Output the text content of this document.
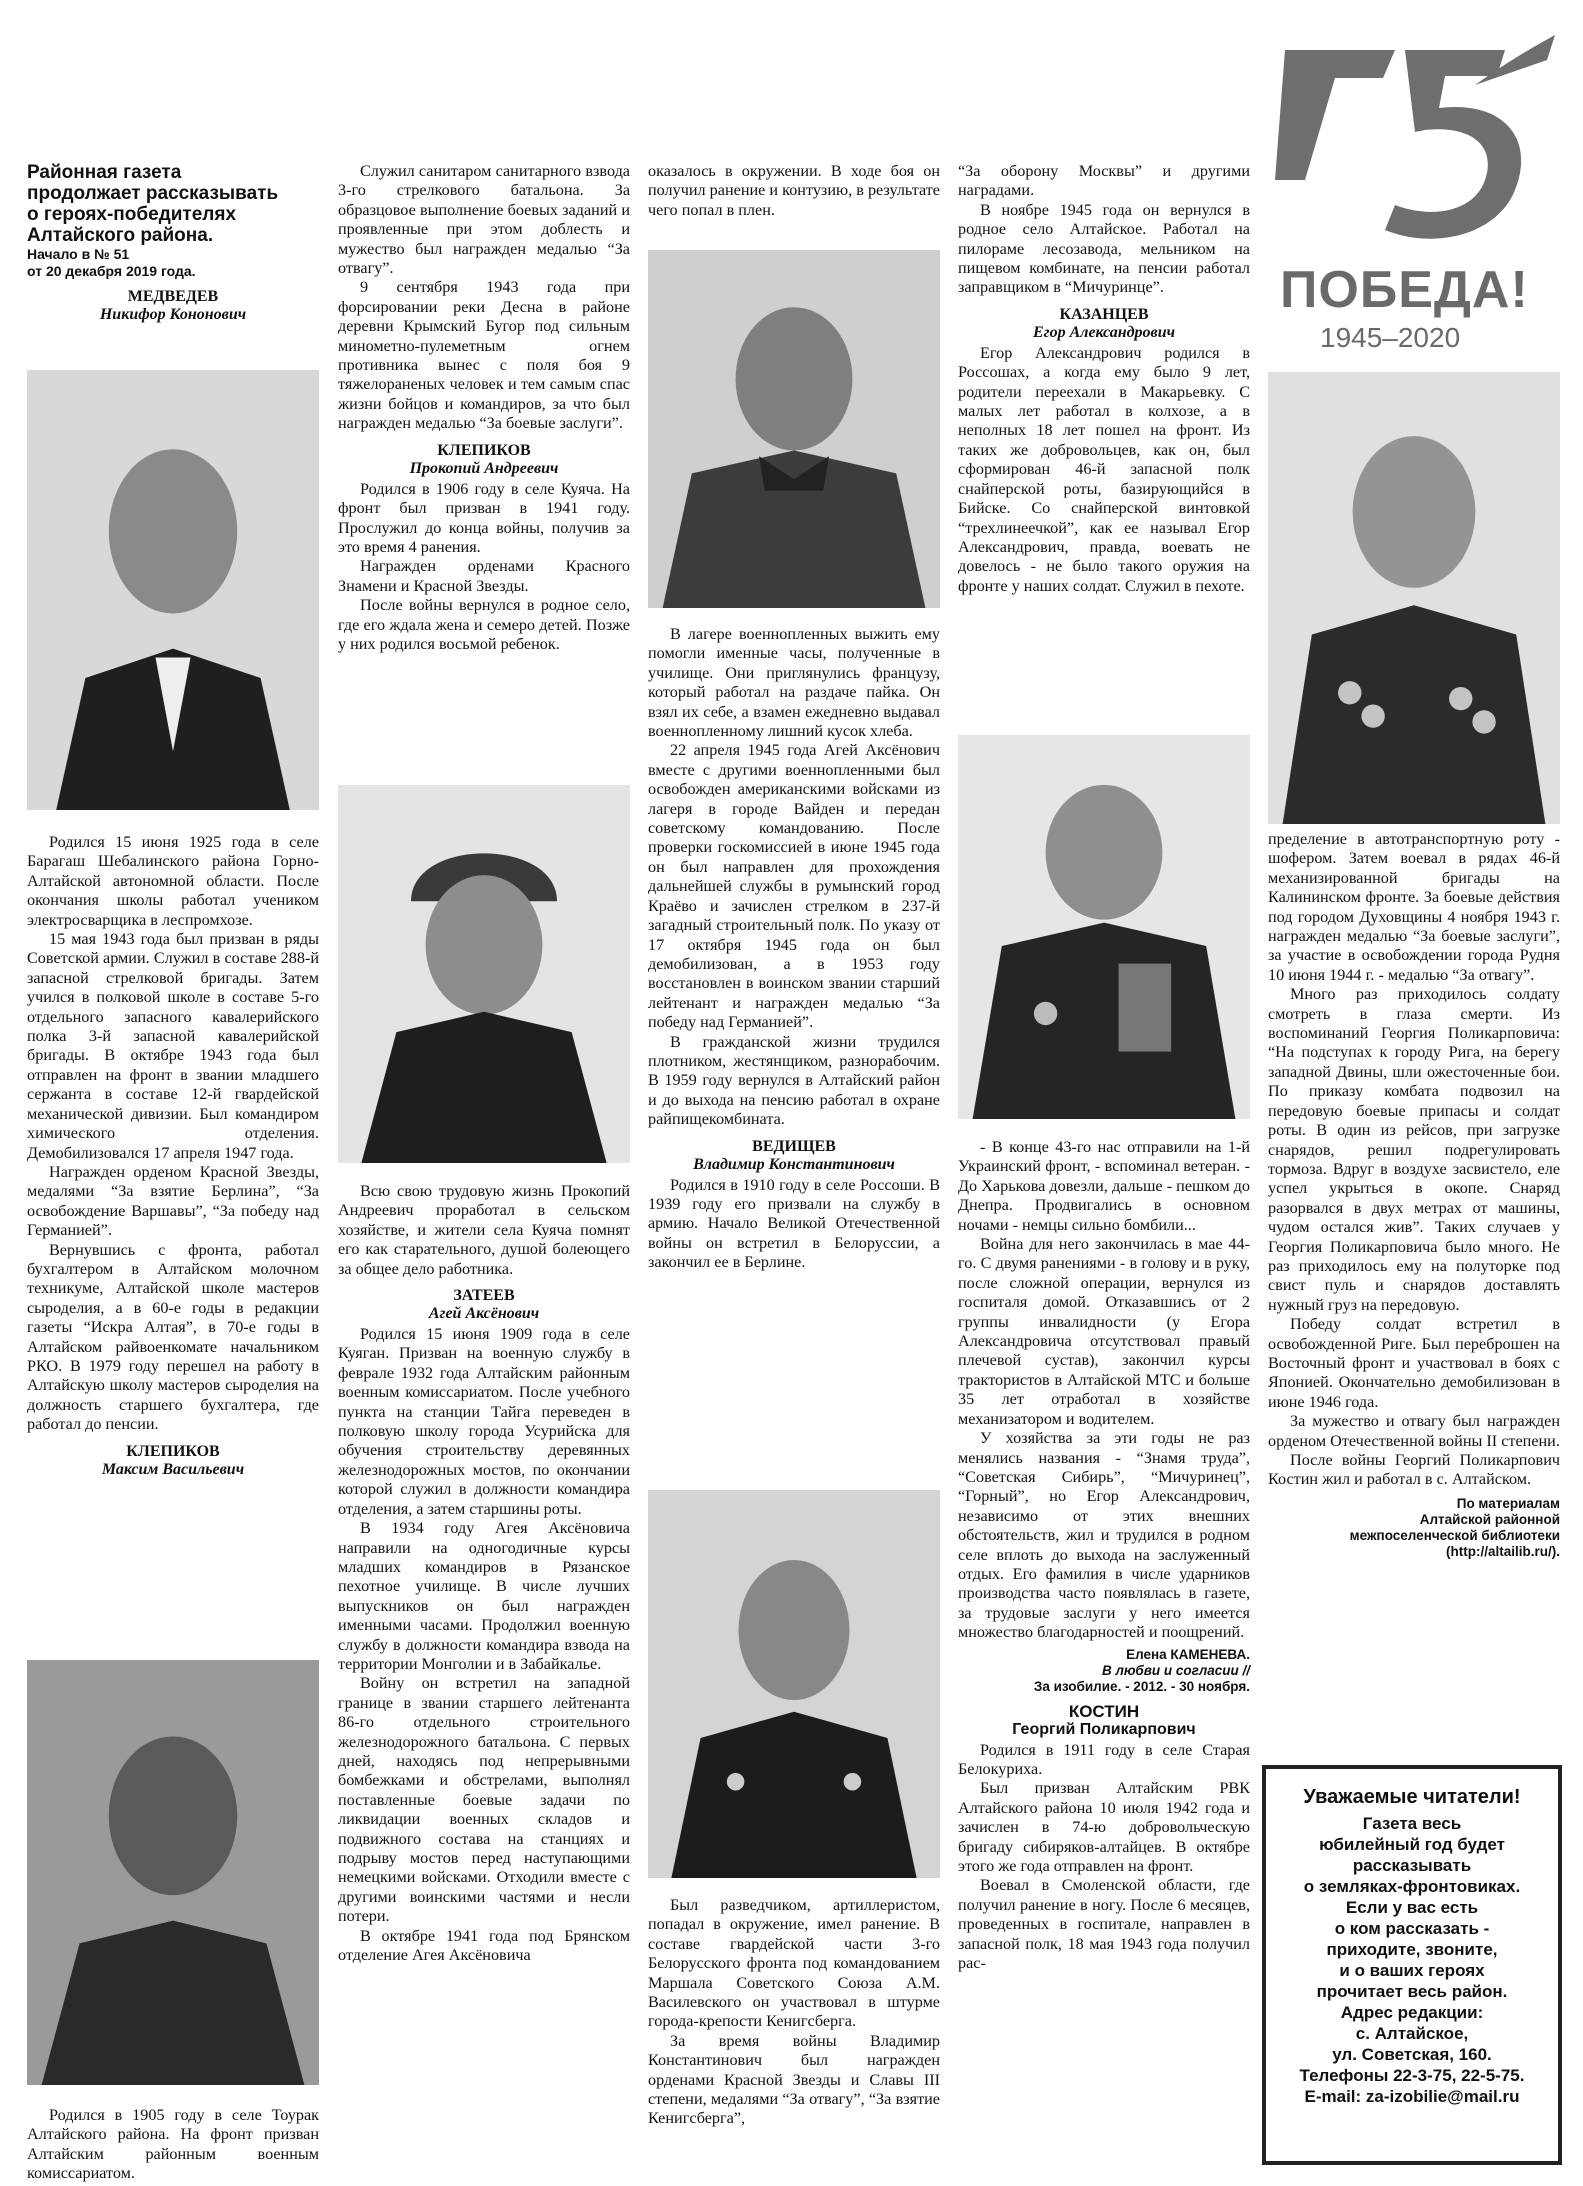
ПОБЕДА!
1945–2020
Районная газета
продолжает рассказывать
о героях-победителях
Алтайского района.
Начало в № 51
от 20 декабря 2019 года.
МЕДВЕДЕВ
Никифор Кононович

Родился 15 июня 1925 года в селе Барагаш Шебалинского района Горно-Алтайской автономной области. После окончания школы работал учеником электросварщика в леспромхозе.

15 мая 1943 года был призван в ряды Советской армии. Служил в составе 288-й запасной стрелковой бригады. Затем учился в полковой школе в составе 5-го отдельного запасного кавалерийского полка 3-й запасной кавалерийской бригады. В октябре 1943 года был отправлен на фронт в звании младшего сержанта в составе 12-й гвардейской механической дивизии. Был командиром химического отделения. Демобилизовался 17 апреля 1947 года.

Награжден орденом Красной Звезды, медалями “За взятие Берлина”, “За освобождение Варшавы”, “За победу над Германией”.

Вернувшись с фронта, работал бухгалтером в Алтайском молочном техникуме, Алтайской школе мастеров сыроделия, а в 60-е годы в редакции газеты “Искра Алтая”, в 70-е годы в Алтайском райвоенкомате начальником РКО. В 1979 году перешел на работу в Алтайскую школу мастеров сыроделия на должность старшего бухгалтера, где работал до пенсии.

КЛЕПИКОВ
Максим Васильевич

Родился в 1905 году в селе Тоурак Алтайского района. На фронт призван Алтайским районным военным комиссариатом.

Служил санитаром санитарного взвода 3-го стрелкового батальона. За образцовое выполнение боевых заданий и проявленные при этом доблесть и мужество был награжден медалью “За отвагу”.

9 сентября 1943 года при форсировании реки Десна в районе деревни Крымский Бугор под сильным минометно-пулеметным огнем противника вынес с поля боя 9 тяжелораненых человек и тем самым спас жизни бойцов и командиров, за что был награжден медалью “За боевые заслуги”.

КЛЕПИКОВ
Прокопий Андреевич

Родился в 1906 году в селе Куяча. На фронт был призван в 1941 году. Прослужил до конца войны, получив за это время 4 ранения.

Награжден орденами Красного Знамени и Красной Звезды.

После войны вернулся в родное село, где его ждала жена и семеро детей. Позже у них родился восьмой ребенок.

Всю свою трудовую жизнь Прокопий Андреевич проработал в сельском хозяйстве, и жители села Куяча помнят его как старательного, душой болеющего за общее дело работника.

ЗАТЕЕВ
Агей Аксёнович

Родился 15 июня 1909 года в селе Куяган. Призван на военную службу в феврале 1932 года Алтайским районным военным комиссариатом. После учебного пункта на станции Тайга переведен в полковую школу города Усурийска для обучения строительству деревянных железнодорожных мостов, по окончании которой служил в должности командира отделения, а затем старшины роты.

В 1934 году Агея Аксёновича направили на одногодичные курсы младших командиров в Рязанское пехотное училище. В числе лучших выпускников он был награжден именными часами. Продолжил военную службу в должности командира взвода на территории Монголии и в Забайкалье.

Войну он встретил на западной границе в звании старшего лейтенанта 86-го отдельного строительного железнодорожного батальона. С первых дней, находясь под непрерывными бомбежками и обстрелами, выполнял поставленные боевые задачи по ликвидации военных складов и подвижного состава на станциях и подрыву мостов перед наступающими немецкими войсками. Отходили вместе с другими воинскими частями и несли потери.

В октябре 1941 года под Брянском отделение Агея Аксёновича

оказалось в окружении. В ходе боя он получил ранение и контузию, в результате чего попал в плен.

В лагере военнопленных выжить ему помогли именные часы, полученные в училище. Они приглянулись французу, который работал на раздаче пайка. Он взял их себе, а взамен ежедневно выдавал военнопленному лишний кусок хлеба.

22 апреля 1945 года Агей Аксёнович вместе с другими военнопленными был освобожден американскими войсками из лагеря в городе Вайден и передан советскому командованию. После проверки госкомиссией в июне 1945 года он был направлен для прохождения дальнейшей службы в румынский город Краёво и зачислен стрелком в 237-й загадный строительный полк. По указу от 17 октября 1945 года он был демобилизован, а в 1953 году восстановлен в воинском звании старший лейтенант и награжден медалью “За победу над Германией”.

В гражданской жизни трудился плотником, жестянщиком, разнорабочим. В 1959 году вернулся в Алтайский район и до выхода на пенсию работал в охране райпищекомбината.

ВЕДИЩЕВ
Владимир Константинович

Родился в 1910 году в селе Россоши. В 1939 году его призвали на службу в армию. Начало Великой Отечественной войны он встретил в Белоруссии, а закончил ее в Берлине.

Был разведчиком, артиллеристом, попадал в окружение, имел ранение. В составе гвардейской части 3-го Белорусского фронта под командованием Маршала Советского Союза А.М. Василевского он участвовал в штурме города-крепости Кенигсберга.

За время войны Владимир Константинович был награжден орденами Красной Звезды и Славы III степени, медалями “За отвагу”, “За взятие Кенигсберга”,

“За оборону Москвы” и другими наградами.

В ноябре 1945 года он вернулся в родное село Алтайское. Работал на пилораме лесозавода, мельником на пищевом комбинате, на пенсии работал заправщиком в “Мичуринце”.

КАЗАНЦЕВ
Егор Александрович

Егор Александрович родился в Россошах, а когда ему было 9 лет, родители переехали в Макарьевку. С малых лет работал в колхозе, а в неполных 18 лет пошел на фронт. Из таких же добровольцев, как он, был сформирован 46-й запасной полк снайперской роты, базирующийся в Бийске. Со снайперской винтовкой “трехлинеечкой”, как ее называл Егор Александрович, правда, воевать не довелось - не было такого оружия на фронте у наших солдат. Служил в пехоте.

- В конце 43-го нас отправили на 1-й Украинский фронт, - вспоминал ветеран. - До Харькова довезли, дальше - пешком до Днепра. Продвигались в основном ночами - немцы сильно бомбили...

Война для него закончилась в мае 44-го. С двумя ранениями - в голову и в руку, после сложной операции, вернулся из госпиталя домой. Отказавшись от 2 группы инвалидности (у Егора Александровича отсутствовал правый плечевой сустав), закончил курсы трактористов в Алтайской МТС и больше 35 лет отработал в хозяйстве механизатором и водителем.

У хозяйства за эти годы не раз менялись названия - “Знамя труда”, “Советская Сибирь”, “Мичуринец”, “Горный”, но Егор Александрович, независимо от этих внешних обстоятельств, жил и трудился в родном селе вплоть до выхода на заслуженный отдых. Его фамилия в числе ударников производства часто появлялась в газете, за трудовые заслуги у него имеется множество благодарностей и поощрений.

Елена КАМЕНЕВА.
В любви и согласии //
За изобилие. - 2012. - 30 ноября.
КОСТИН
Георгий Поликарпович

Родился в 1911 году в селе Старая Белокуриха.

Был призван Алтайским РВК Алтайского района 10 июля 1942 года и зачислен в 74-ю добровольческую бригаду сибиряков-алтайцев. В октябре этого же года отправлен на фронт.

Воевал в Смоленской области, где получил ранение в ногу. После 6 месяцев, проведенных в госпитале, направлен в запасной полк, 18 мая 1943 года получил рас-

пределение в автотранспортную роту - шофером. Затем воевал в рядах 46-й механизированной бригады на Калининском фронте. За боевые действия под городом Духовщины 4 ноября 1943 г. награжден медалью “За боевые заслуги”, за участие в освобождении города Рудня 10 июня 1944 г. - медалью “За отвагу”.

Много раз приходилось солдату смотреть в глаза смерти. Из воспоминаний Георгия Поликарповича: “На подступах к городу Рига, на берегу западной Двины, шли ожесточенные бои. По приказу комбата подвозил на передовую боевые припасы и солдат роты. В один из рейсов, при загрузке снарядов, решил подрегулировать тормоза. Вдруг в воздухе засвистело, еле успел укрыться в окопе. Снаряд разорвался в двух метрах от машины, чудом остался жив”. Таких случаев у Георгия Поликарповича было много. Не раз приходилось ему на полуторке под свист пуль и снарядов доставлять нужный груз на передовую.

Победу солдат встретил в освобожденной Риге. Был переброшен на Восточный фронт и участвовал в боях с Японией. Окончательно демобилизован в июне 1946 года.

За мужество и отвагу был награжден орденом Отечественной войны II степени.

После войны Георгий Поликарпович Костин жил и работал в с. Алтайском.

По материалам
Алтайской районной
межпоселенческой библиотеки
(http://altailib.ru/).
Уважаемые читатели!
Газета весь
юбилейный год будет
рассказывать
о земляках-фронтовиках.
Если у вас есть
о ком рассказать -
приходите, звоните,
и о ваших героях
прочитает весь район.
Адрес редакции:
с. Алтайское,
ул. Советская, 160.
Телефоны 22-3-75, 22-5-75.
E-mail: za-izobilie@mail.ru
